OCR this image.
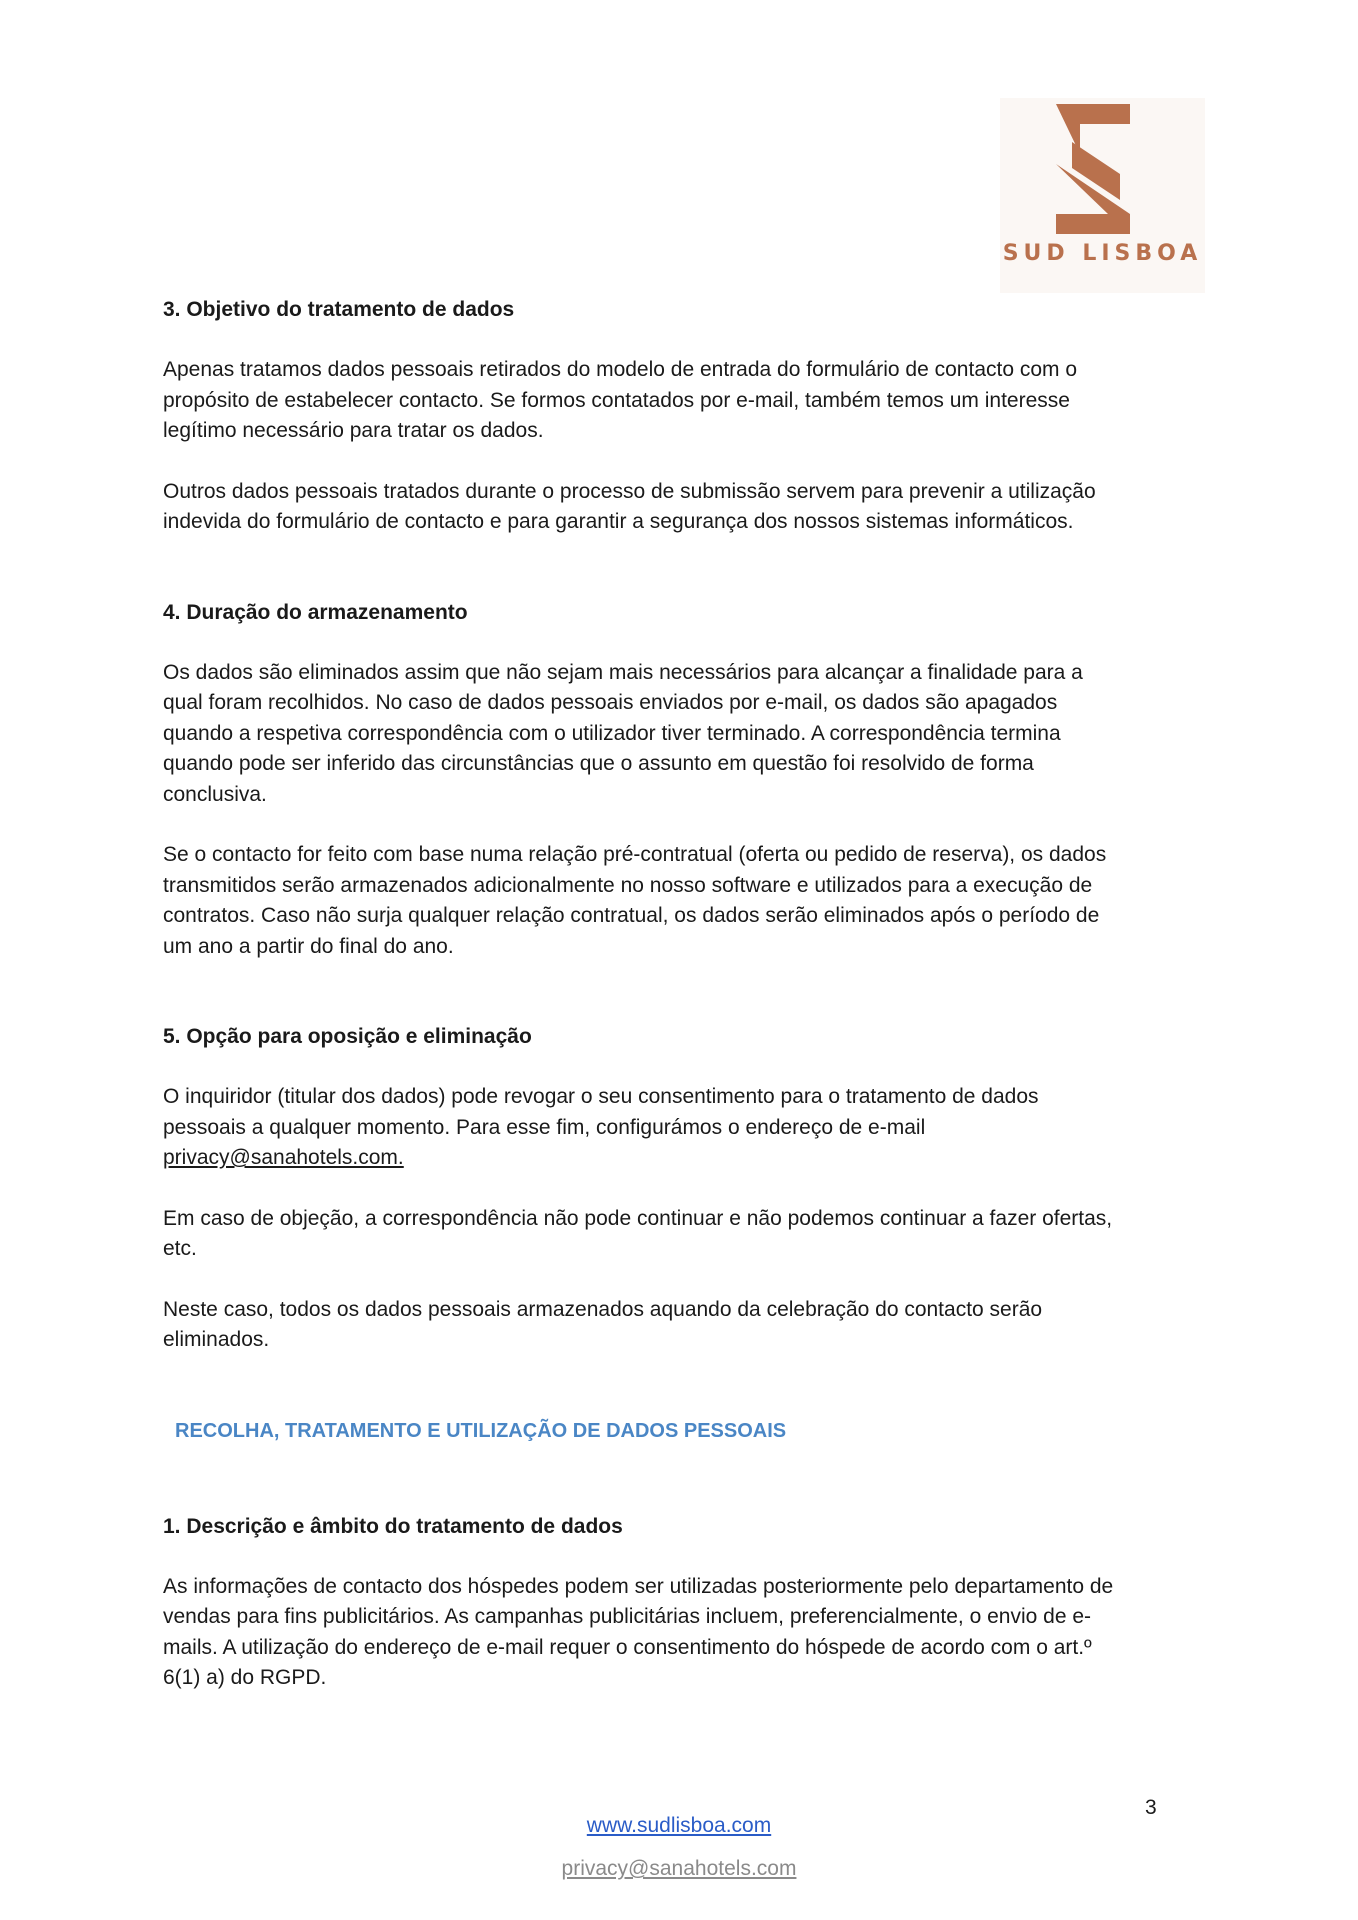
SUD LISBOA

3. Objetivo do tratamento de dados

Apenas tratamos dados pessoais retirados do modelo de entrada do formulário de contacto com o
propósito de estabelecer contacto. Se formos contatados por e-mail, também temos um interesse
legítimo necessário para tratar os dados.

Outros dados pessoais tratados durante o processo de submissão servem para prevenir a utilização
indevida do formulário de contacto e para garantir a segurança dos nossos sistemas informáticos.

4. Duração do armazenamento

Os dados são eliminados assim que não sejam mais necessários para alcançar a finalidade para a
qual foram recolhidos. No caso de dados pessoais enviados por e-mail, os dados são apagados
quando a respetiva correspondência com o utilizador tiver terminado. A correspondência termina
quando pode ser inferido das circunstâncias que o assunto em questão foi resolvido de forma
conclusiva.

Se o contacto for feito com base numa relação pré-contratual (oferta ou pedido de reserva), os dados
transmitidos serão armazenados adicionalmente no nosso software e utilizados para a execução de
contratos. Caso não surja qualquer relação contratual, os dados serão eliminados após o período de
um ano a partir do final do ano.

5. Opção para oposição e eliminação

O inquiridor (titular dos dados) pode revogar o seu consentimento para o tratamento de dados
pessoais a qualquer momento. Para esse fim, configurámos o endereço de e-mail
privacy@sanahotels.com.

Em caso de objeção, a correspondência não pode continuar e não podemos continuar a fazer ofertas,
etc.

Neste caso, todos os dados pessoais armazenados aquando da celebração do contacto serão
eliminados.

1. Descrição e âmbito do tratamento de dados

As informações de contacto dos hóspedes podem ser utilizadas posteriormente pelo departamento de
vendas para fins publicitários. As campanhas publicitárias incluem, preferencialmente, o envio de e-
mails. A utilização do endereço de e-mail requer o consentimento do hóspede de acordo com o art.º
6(1) a) do RGPD.

RECOLHA, TRATAMENTO E UTILIZAÇÃO DE DADOS PESSOAIS
3
www.sudlisboa.com
privacy@sanahotels.com
